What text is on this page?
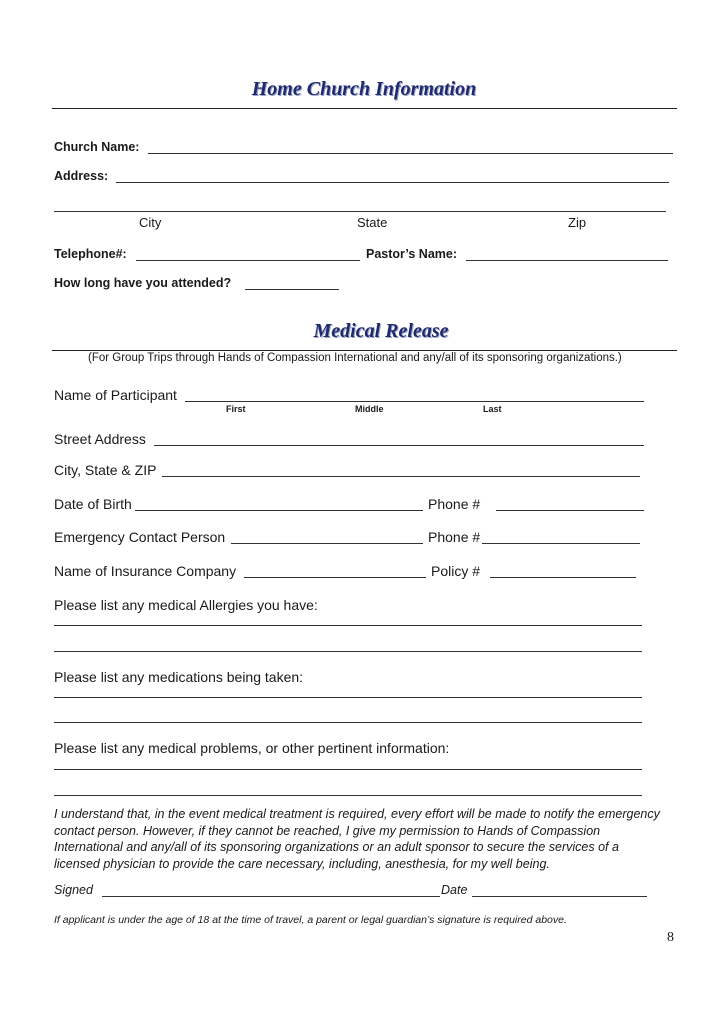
Home Church Information
Church Name:
Address:
City	State	Zip
Telephone#:	Pastor’s Name:
How long have you attended?
Medical Release
(For Group Trips through Hands of Compassion International and any/all of its sponsoring organizations.)
Name of Participant
First	Middle	Last
Street Address
City, State & ZIP
Date of Birth	Phone #
Emergency Contact Person	Phone #
Name of Insurance Company	Policy #
Please list any medical Allergies you have:
Please list any medications being taken:
Please list any medical problems, or other pertinent information:
I understand that, in the event medical treatment is required, every effort will be made to notify the emergency contact person. However, if they cannot be reached, I give my permission to Hands of Compassion International and any/all of its sponsoring organizations or an adult sponsor to secure the services of a licensed physician to provide the care necessary, including, anesthesia, for my well being.
Signed	Date
If applicant is under the age of 18 at the time of travel, a parent or legal guardian’s signature is required above.
8
